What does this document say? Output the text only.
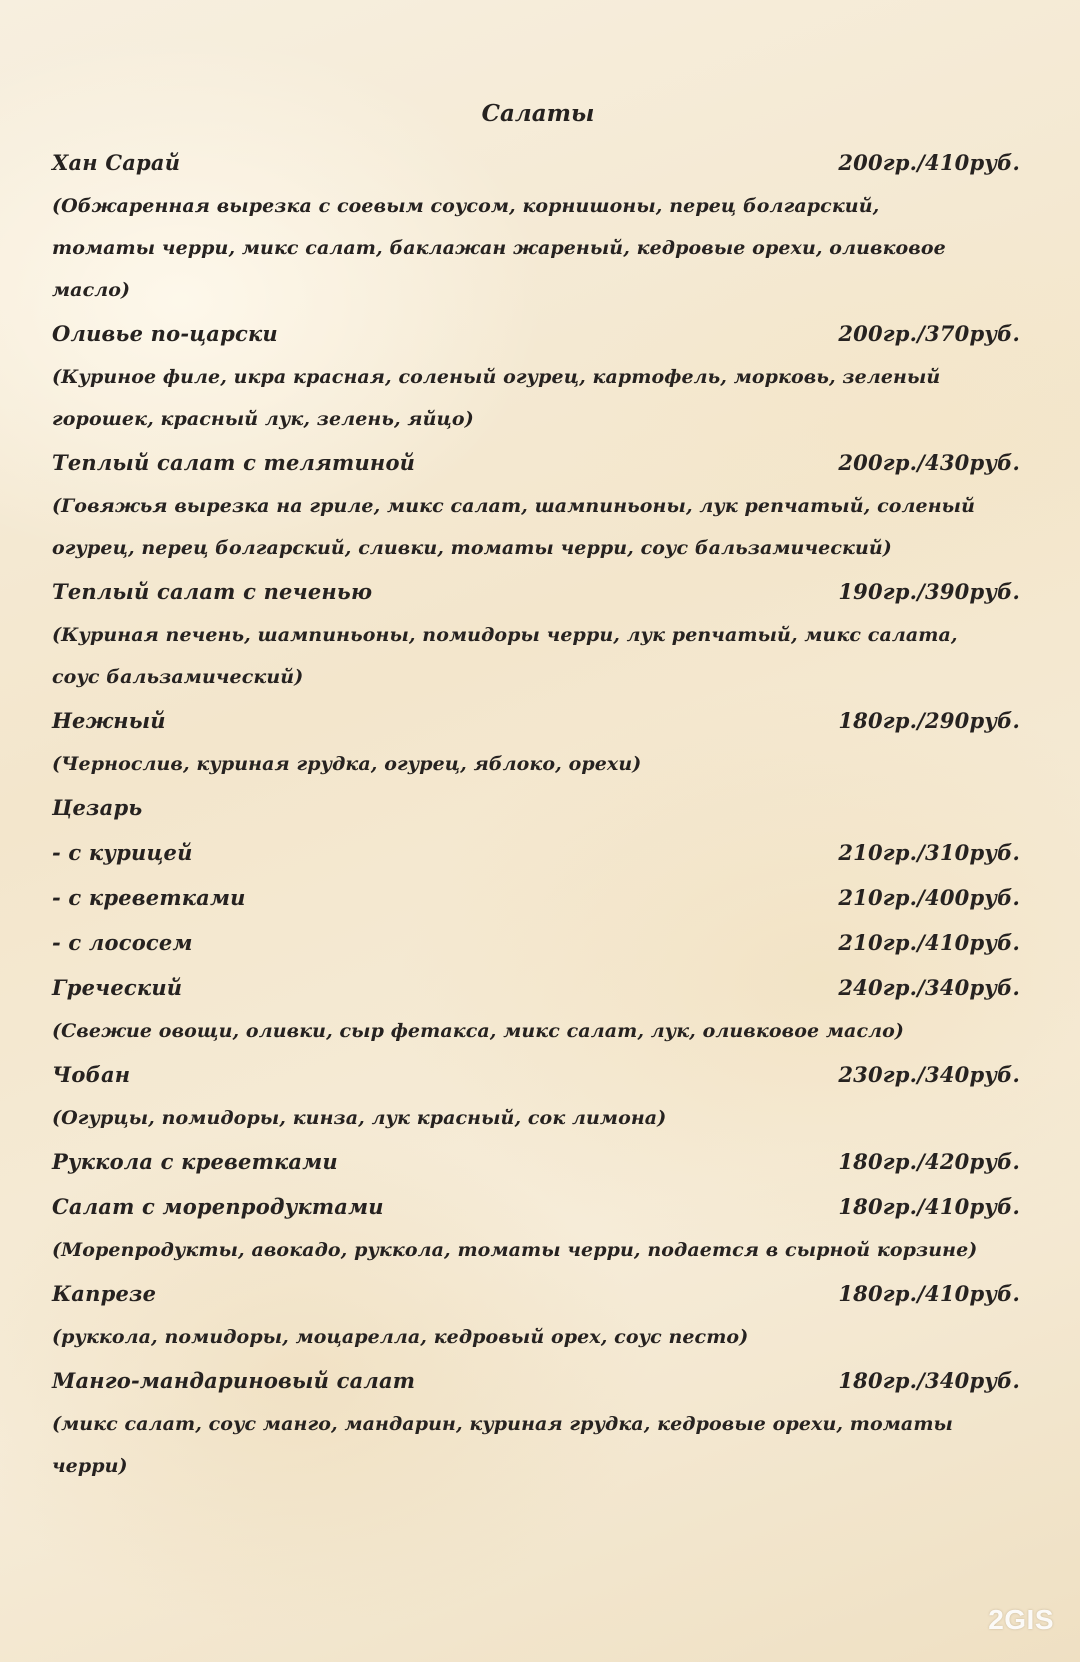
Салаты
Хан Сарай	200гр./410руб.
(Обжаренная вырезка с соевым соусом, корнишоны, перец болгарский, томаты черри, микс салат, баклажан жареный, кедровые орехи, оливковое масло)
Оливье по-царски	200гр./370руб.
(Куриное филе, икра красная, соленый огурец, картофель, морковь, зеленый горошек, красный лук, зелень, яйцо)
Теплый салат с телятиной	200гр./430руб.
(Говяжья вырезка на гриле, микс салат, шампиньоны, лук репчатый, соленый огурец, перец болгарский, сливки, томаты черри, соус бальзамический)
Теплый салат с печенью	190гр./390руб.
(Куриная печень, шампиньоны, помидоры черри, лук репчатый, микс салата, соус бальзамический)
Нежный	180гр./290руб.
(Чернослив, куриная грудка, огурец, яблоко, орехи)
Цезарь
- с курицей	210гр./310руб.
- с креветками	210гр./400руб.
- с лососем	210гр./410руб.
Греческий	240гр./340руб.
(Свежие овощи, оливки, сыр фетакса, микс салат, лук, оливковое масло)
Чобан	230гр./340руб.
(Огурцы, помидоры, кинза, лук красный, сок лимона)
Руккола с креветками	180гр./420руб.
Салат с морепродуктами	180гр./410руб.
(Морепродукты, авокадо, руккола, томаты черри, подается в сырной корзине)
Капрезе	180гр./410руб.
(руккола, помидоры, моцарелла, кедровый орех, соус песто)
Манго-мандариновый салат	180гр./340руб.
(микс салат, соус манго, мандарин, куриная грудка, кедровые орехи, томаты черри)
2GIS
